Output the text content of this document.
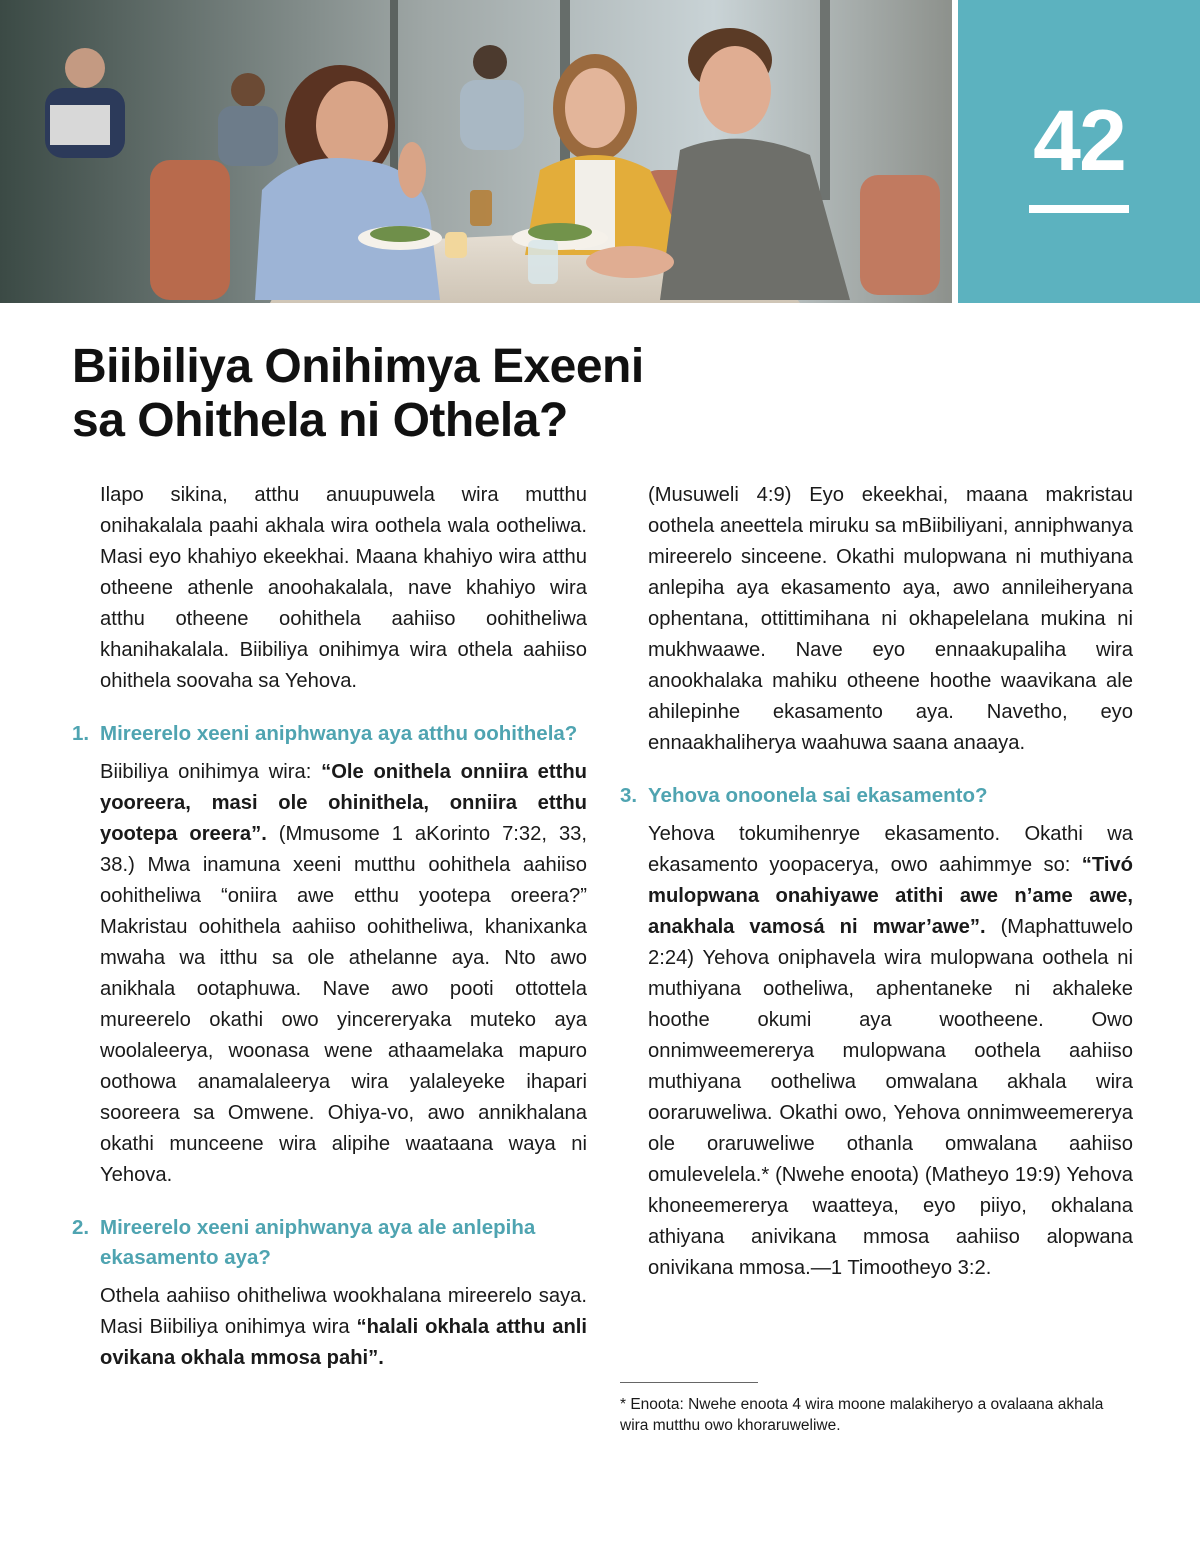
42
Biibiliya Onihimya Exeeni
sa Ohithela ni Othela?

Ilapo sikina, atthu anuupuwela wira mutthu onihakalala paahi akhala wira oothela wala ootheliwa. Masi eyo khahiyo ekeekhai. Maana khahiyo wira atthu otheene athenle anoohakalala, nave khahiyo wira atthu otheene oohithela aahiiso oohitheliwa khanihakalala. Biibiliya onihimya wira othela aahiiso ohithela soovaha sa Yehova.

1. Mireerelo xeeni aniphwanya aya atthu oohithela?

Biibiliya onihimya wira: “Ole onithela onniira etthu yooreera, masi ole ohinithela, onniira etthu yootepa oreera”. (Mmusome 1 aKorinto 7:32, 33, 38.) Mwa inamuna xeeni mutthu oohithela aahiiso oohitheliwa “oniira awe etthu yootepa oreera?” Makristau oohithela aahiiso oohitheliwa, khanixanka mwaha wa itthu sa ole athelanne aya. Nto awo anikhala ootaphuwa. Nave awo pooti ottottela mureerelo okathi owo yincereryaka muteko aya woolaleerya, woonasa wene athaamelaka mapuro oothowa anamalaleerya wira yalaleyeke ihapari sooreera sa Omwene. Ohiya-vo, awo annikhalana okathi munceene wira alipihe waataana waya ni Yehova.

2. Mireerelo xeeni aniphwanya aya ale anlepiha ekasamento aya?

Othela aahiiso ohitheliwa wookhalana mireerelo saya. Masi Biibiliya onihimya wira “halali okhala atthu anli ovikana okhala mmosa pahi”.

(Musuweli 4:9) Eyo ekeekhai, maana makristau oothela aneettela miruku sa mBiibiliyani, anniphwanya mireerelo sinceene. Okathi mulopwana ni muthiyana anlepiha aya ekasamento aya, awo annileiheryana ophentana, ottittimihana ni okhapelelana mukina ni mukhwaawe. Nave eyo ennaakupaliha wira anookhalaka mahiku otheene hoothe waavikana ale ahilepinhe ekasamento aya. Navetho, eyo ennaakhaliherya waahuwa saana anaaya.

3. Yehova onoonela sai ekasamento?

Yehova tokumihenrye ekasamento. Okathi wa ekasamento yoopacerya, owo aahimmye so: “Tivó mulopwana onahiyawe atithi awe n’ame awe, anakhala vamosá ni mwar’awe”. (Maphattuwelo 2:24) Yehova oniphavela wira mulopwana oothela ni muthiyana ootheliwa, aphentaneke ni akhaleke hoothe okumi aya wootheene. Owo onnimweemererya mulopwana oothela aahiiso muthiyana ootheliwa omwalana akhala wira ooraruweliwa. Okathi owo, Yehova onnimweemererya ole oraruweliwe othanla omwalana aahiiso omulevelela.* (Nwehe enoota) (Matheyo 19:9) Yehova khoneemererya waatteya, eyo piiyo, okhalana athiyana anivikana mmosa aahiiso alopwana onivikana mmosa.—1 Timootheyo 3:2.

* Enoota: Nwehe enoota 4 wira moone malakiheryo a ovalaana akhala wira mutthu owo khoraruweliwe.
